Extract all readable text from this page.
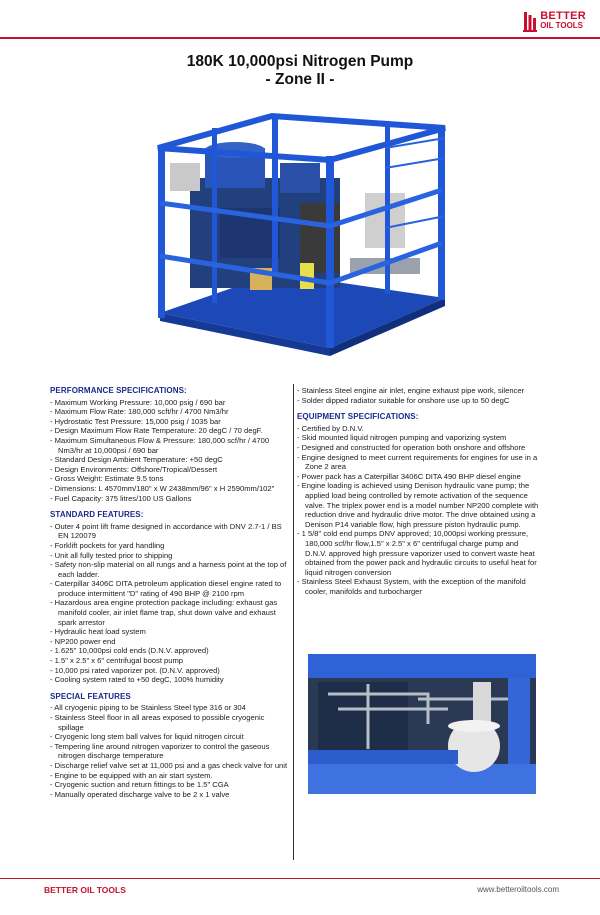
BETTER
OIL TOOLS
180K 10,000psi Nitrogen Pump
- Zone II -
PERFORMANCE SPECIFICATIONS:
- Maximum Working Pressure: 10,000 psig / 690 bar
- Maximum Flow Rate: 180,000 scft/hr / 4700 Nm3/hr
- Hydrostatic Test Pressure: 15,000 psig / 1035 bar
- Design Maximum Flow Rate Temperature: 20 degC / 70 degF.
- Maximum Simultaneous Flow & Pressure: 180,000 scf/hr / 4700 Nm3/hr at 10,000psi / 690 bar
- Standard Design Ambient Temperature: +50 degC
- Design Environments: Offshore/Tropical/Dessert
- Gross Weight: Estimate 9.5 tons
- Dimensions: L 4570mm/180" x W 2438mm/96" x H 2590mm/102"
- Fuel Capacity: 375 litres/100 US Gallons
STANDARD FEATURES:
- Outer 4 point lift frame designed in accordance with DNV 2.7-1 / BS EN 120079
- Forklift pockets for yard handling
- Unit all fully tested prior to shipping
- Safety non-slip material on all rungs and a harness point at the top of each ladder.
- Caterpillar 3406C DITA petroleum application diesel engine rated to produce intermittent "D" rating of 490 BHP @ 2100 rpm
- Hazardous area engine protection package including: exhaust gas manifold cooler, air inlet flame trap, shut down valve and exhaust spark arrestor
- Hydraulic heat load system
- NP200 power end
- 1.625" 10,000psi cold ends (D.N.V. approved)
- 1.5" x 2.5" x 6" centrifugal boost pump
- 10,000 psi rated vaporizer pot. (D.N.V. approved)
- Cooling system rated to +50 degC, 100% humidity
SPECIAL FEATURES
- All cryogenic piping to be Stainless Steel type 316 or 304
- Stainless Steel floor in all areas exposed to possible cryogenic spillage
- Cryogenic long stem ball valves for liquid nitrogen circuit
- Tempering line around nitrogen vaporizer to control the gaseous nitrogen discharge temperature
- Discharge relief valve set at 11,000 psi and a gas check valve for unit
- Engine to be equipped with an air start system.
- Cryogenic suction and return fittings to be 1.5" CGA
- Manually operated discharge valve to be 2 x 1 valve
- Stainless Steel engine air inlet, engine exhaust pipe work, silencer
- Solder dipped radiator suitable for onshore use up to 50 degC
EQUIPMENT SPECIFICATIONS:
- Certified by D.N.V.
- Skid mounted liquid nitrogen pumping and vaporizing system
- Designed and constructed for operation both onshore and offshore
- Engine designed to meet current requirements for engines for use in a Zone 2 area
- Power pack has a Caterpillar 3406C DITA 490 BHP diesel engine
- Engine loading is achieved using Denison hydraulic vane pump; the applied load being controlled by remote activation of the sequence valve. The triplex power end is a model number NP200 complete with reduction drive and hydraulic drive motor. The drive obtained using a Denison P14 variable flow, high pressure piston hydraulic pump.
- 1 5/8" cold end pumps DNV approved; 10,000psi working pressure, 180,000 scf/hr flow,1.5" x 2.5" x 6" centrifugal charge pump and D.N.V. approved high pressure vaporizer used to convert waste heat obtained from the power pack and hydraulic circuits to useful heat for liquid nitrogen conversion
- Stainless Steel Exhaust System, with the exception of the manifold cooler, manifolds and turbocharger
BETTER OIL TOOLS	www.betteroiltools.com
